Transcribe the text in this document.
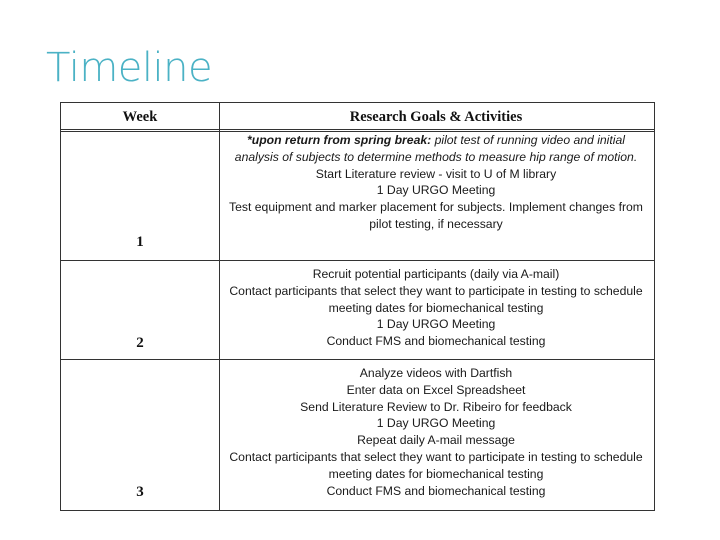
Timeline
Week	Research Goals & Activities
1
*upon return from spring break: pilot test of running video and initial analysis of subjects to determine methods to measure hip range of motion.
Start Literature review - visit to U of M library
1 Day URGO Meeting
Test equipment and marker placement for subjects. Implement changes from pilot testing, if necessary
2
Recruit potential participants (daily via A-mail)
Contact participants that select they want to participate in testing to schedule meeting dates for biomechanical testing
1 Day URGO Meeting
Conduct FMS and biomechanical testing
3
Analyze videos with Dartfish
Enter data on Excel Spreadsheet
Send Literature Review to Dr. Ribeiro for feedback
1 Day URGO Meeting
Repeat daily A-mail message
Contact participants that select they want to participate in testing to schedule meeting dates for biomechanical testing
Conduct FMS and biomechanical testing
